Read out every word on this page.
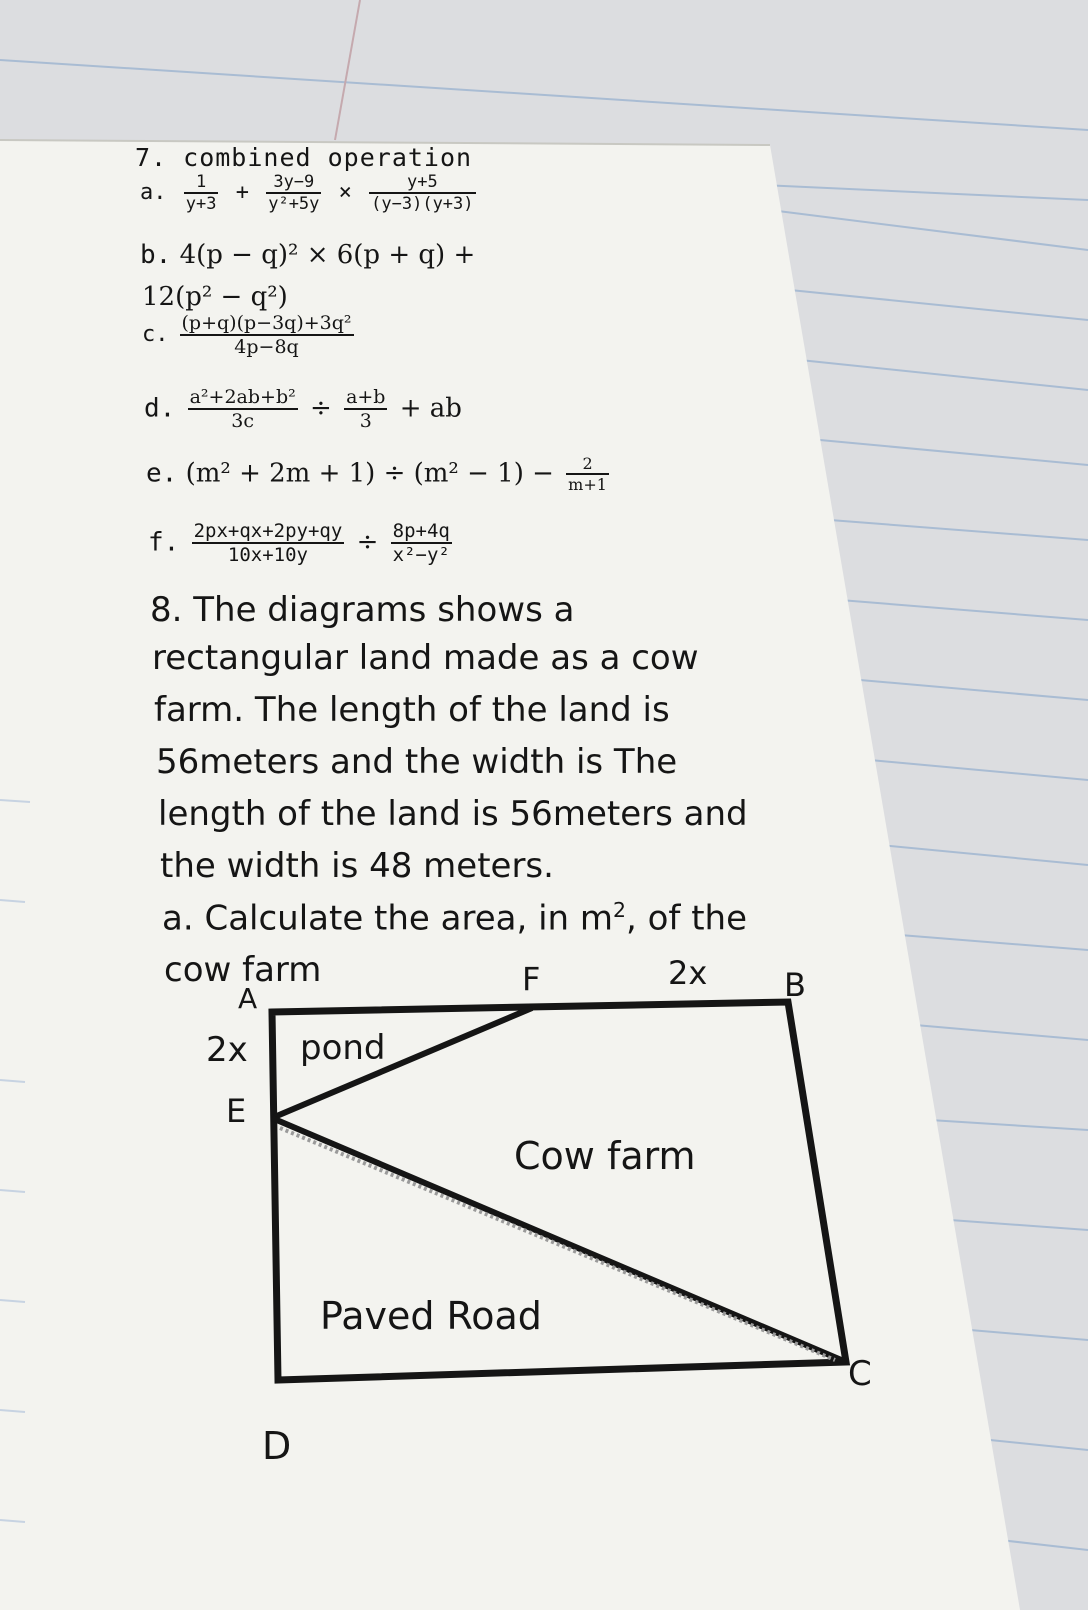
7. combined operation
a. $\frac{1}{y+3} + \frac{3y-9}{\text{y²+5y}} \times \frac{y+5}{(y-3)(y+3)}$
b. 4(p − q)² × 6(p + q) +
12(p² − q²)
c. $\frac{\text{(p+q)(p−3q)+3q²}}{4p-8q}$
d. $\frac{\text{a²+2ab+b²}}{3c} \div \frac{a+b}{3}$ + ab
e. $(m^2 + 2m + 1) \div (m^2 - 1) - \frac{2}{m+1}$
f. $\frac{2px+qx+2py+qy}{10x+10y} \div \frac{8p+4q}{\text{x²−y²}}$
8. The diagrams shows a
rectangular land made as a cow
farm. The length of the land is
56meters and the width is The
length of the land is 56meters and
the width is 48 meters.
a. Calculate the area, in $m^2$, of the
cow farm
A
F	2x B
2x pond
E
Cow farm
Paved Road
C
D
